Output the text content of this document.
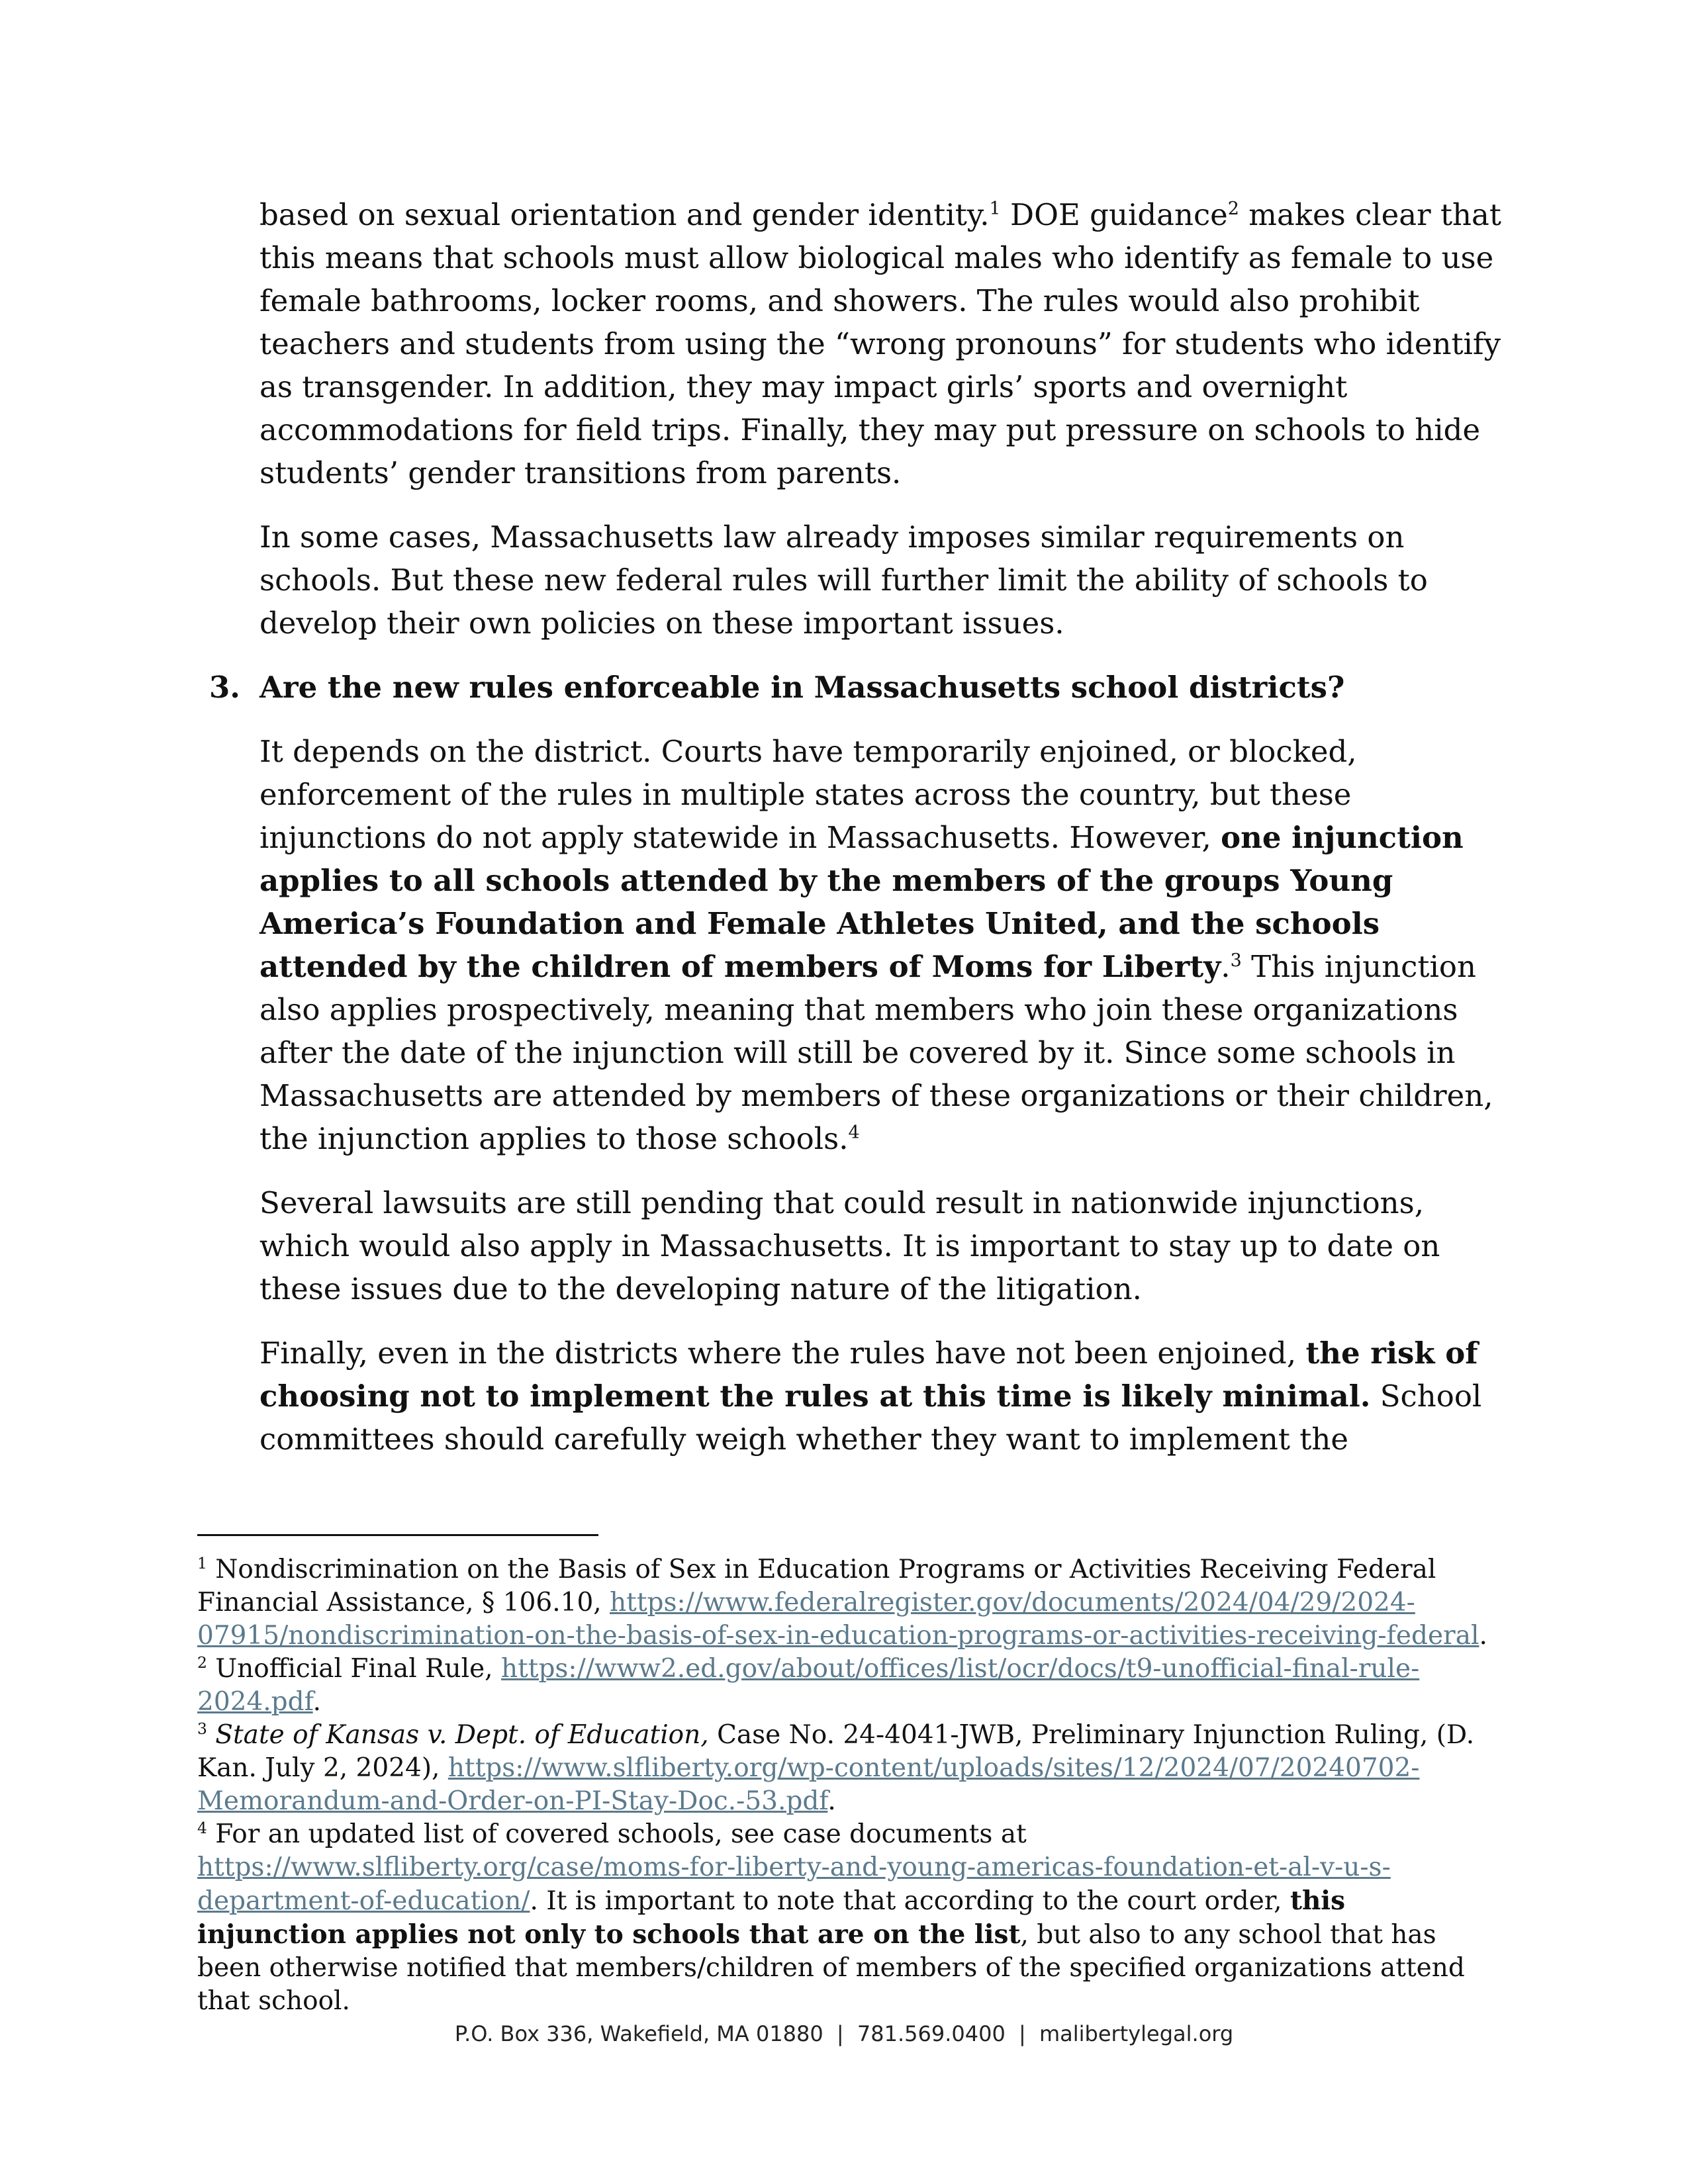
based on sexual orientation and gender identity.$^1$ DOE guidance$^2$ makes clear that this means that schools must allow biological males who identify as female to use female bathrooms, locker rooms, and showers. The rules would also prohibit teachers and students from using the “wrong pronouns” for students who identify as transgender. In addition, they may impact girls’ sports and overnight accommodations for field trips. Finally, they may put pressure on schools to hide students’ gender transitions from parents.

In some cases, Massachusetts law already imposes similar requirements on schools. But these new federal rules will further limit the ability of schools to develop their own policies on these important issues.

3. Are the new rules enforceable in Massachusetts school districts?

It depends on the district. Courts have temporarily enjoined, or blocked, enforcement of the rules in multiple states across the country, but these injunctions do not apply statewide in Massachusetts. However, one injunction applies to all schools attended by the members of the groups Young America’s Foundation and Female Athletes United, and the schools attended by the children of members of Moms for Liberty.$^3$ This injunction also applies prospectively, meaning that members who join these organizations after the date of the injunction will still be covered by it. Since some schools in Massachusetts are attended by members of these organizations or their children, the injunction applies to those schools.$^4$

Several lawsuits are still pending that could result in nationwide injunctions, which would also apply in Massachusetts. It is important to stay up to date on these issues due to the developing nature of the litigation.

Finally, even in the districts where the rules have not been enjoined, the risk of choosing not to implement the rules at this time is likely minimal. School committees should carefully weigh whether they want to implement the

$^1$ Nondiscrimination on the Basis of Sex in Education Programs or Activities Receiving Federal Financial Assistance, § 106.10, https://www.federalregister.gov/documents/2024/04/29/2024-07915/nondiscrimination-on-the-basis-of-sex-in-education-programs-or-activities-receiving-federal.

$^2$ Unofficial Final Rule, https://www2.ed.gov/about/offices/list/ocr/docs/t9-unofficial-final-rule-2024.pdf.

$^3$ State of Kansas v. Dept. of Education, Case No. 24-4041-JWB, Preliminary Injunction Ruling, (D. Kan. July 2, 2024), https://www.slfliberty.org/wp-content/uploads/sites/12/2024/07/20240702-Memorandum-and-Order-on-PI-Stay-Doc.-53.pdf.

$^4$ For an updated list of covered schools, see case documents at https://www.slfliberty.org/case/moms-for-liberty-and-young-americas-foundation-et-al-v-u-s-department-of-education/. It is important to note that according to the court order, this injunction applies not only to schools that are on the list, but also to any school that has been otherwise notified that members/children of members of the specified organizations attend that school.

P.O. Box 336, Wakefield, MA 01880 | 781.569.0400 | malibertylegal.org
